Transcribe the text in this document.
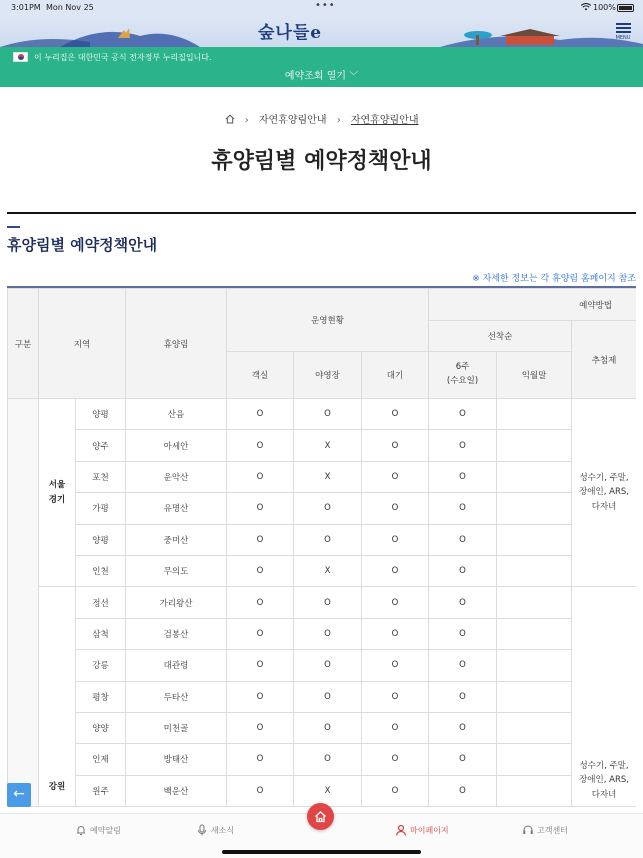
3:01PM Mon Nov 25	•••	100%
숲나들e	MENU
이 누리집은 대한민국 공식 전자정부 누리집입니다.
예약조회 열기 ﹀
› 자연휴양림안내 › 자연휴양림안내
휴양림별 예약정책안내
휴양림별 예약정책안내
※ 자세한 정보는 각 휴양림 홈페이지 참조
구분	지역		휴양림	운영현황			예약방법		
							선착순		추첨제
				객실	야영장	대기	6주
(수요일)	익월말	
	서울
경기	양평	산음	O	O	O	O		성수기, 주말,
장애인, ARS,
다자녀
		양주	아세안	O	X	O	O		
		포천	운악산	O	X	O	O		
		가평	유명산	O	O	O	O		
		양평	중미산	O	O	O	O		
		인천	무의도	O	X	O	O		
	강원	정선	가리왕산	O	O	O	O		성수기, 주말,
장애인, ARS,
다자녀
		삼척	검봉산	O	O	O	O		
		강릉	대관령	O	O	O	O		
		평창	두타산	O	O	O	O		
		양양	미천골	O	O	O	O		
		인제	방태산	O	O	O	O		
		원주	백운산	O	X	O	O		
←
예약알림	새소식	마이페이지	고객센터
